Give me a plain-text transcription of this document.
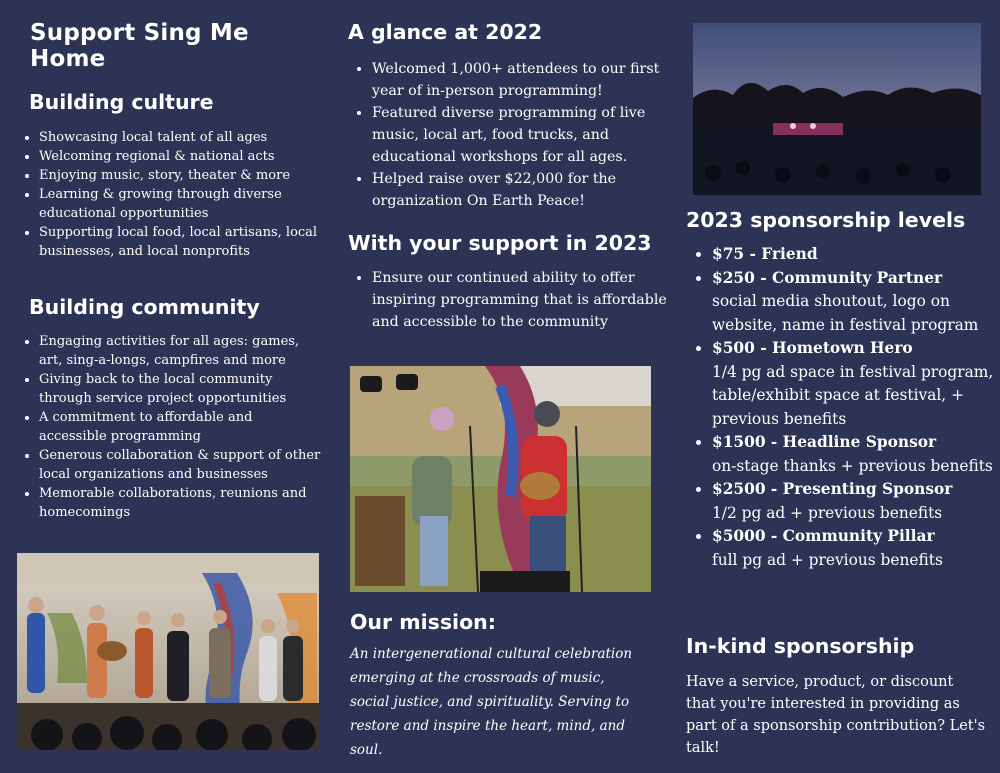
Support Sing Me Home
Building culture
• Showcasing local talent of all ages
• Welcoming regional & national acts
• Enjoying music, story, theater & more
• Learning & growing through diverse educational opportunities
• Supporting local food, local artisans, local businesses, and local nonprofits
Building community
• Engaging activities for all ages: games, art, sing-a-longs, campfires and more
• Giving back to the local community through service project opportunities
• A commitment to affordable and accessible programming
• Generous collaboration & support of other local organizations and businesses
• Memorable collaborations, reunions and homecomings
A glance at 2022
• Welcomed 1,000+ attendees to our first year of in-person programming!
• Featured diverse programming of live music, local art, food trucks, and educational workshops for all ages.
• Helped raise over $22,000 for the organization On Earth Peace!
With your support in 2023
• Ensure our continued ability to offer inspiring programming that is affordable and accessible to the community
Our mission:
An intergenerational cultural celebration emerging at the crossroads of music, social justice, and spirituality. Serving to restore and inspire the heart, mind, and soul.
2023 sponsorship levels
• $75 - Friend
• $250 - Community Partner
social media shoutout, logo on website, name in festival program
• $500 - Hometown Hero
1/4 pg ad space in festival program, table/exhibit space at festival, + previous benefits
• $1500 - Headline Sponsor
on-stage thanks + previous benefits
• $2500 - Presenting Sponsor
1/2 pg ad + previous benefits
• $5000 - Community Pillar
full pg ad + previous benefits
In-kind sponsorship
Have a service, product, or discount that you're interested in providing as part of a sponsorship contribution? Let's talk!
